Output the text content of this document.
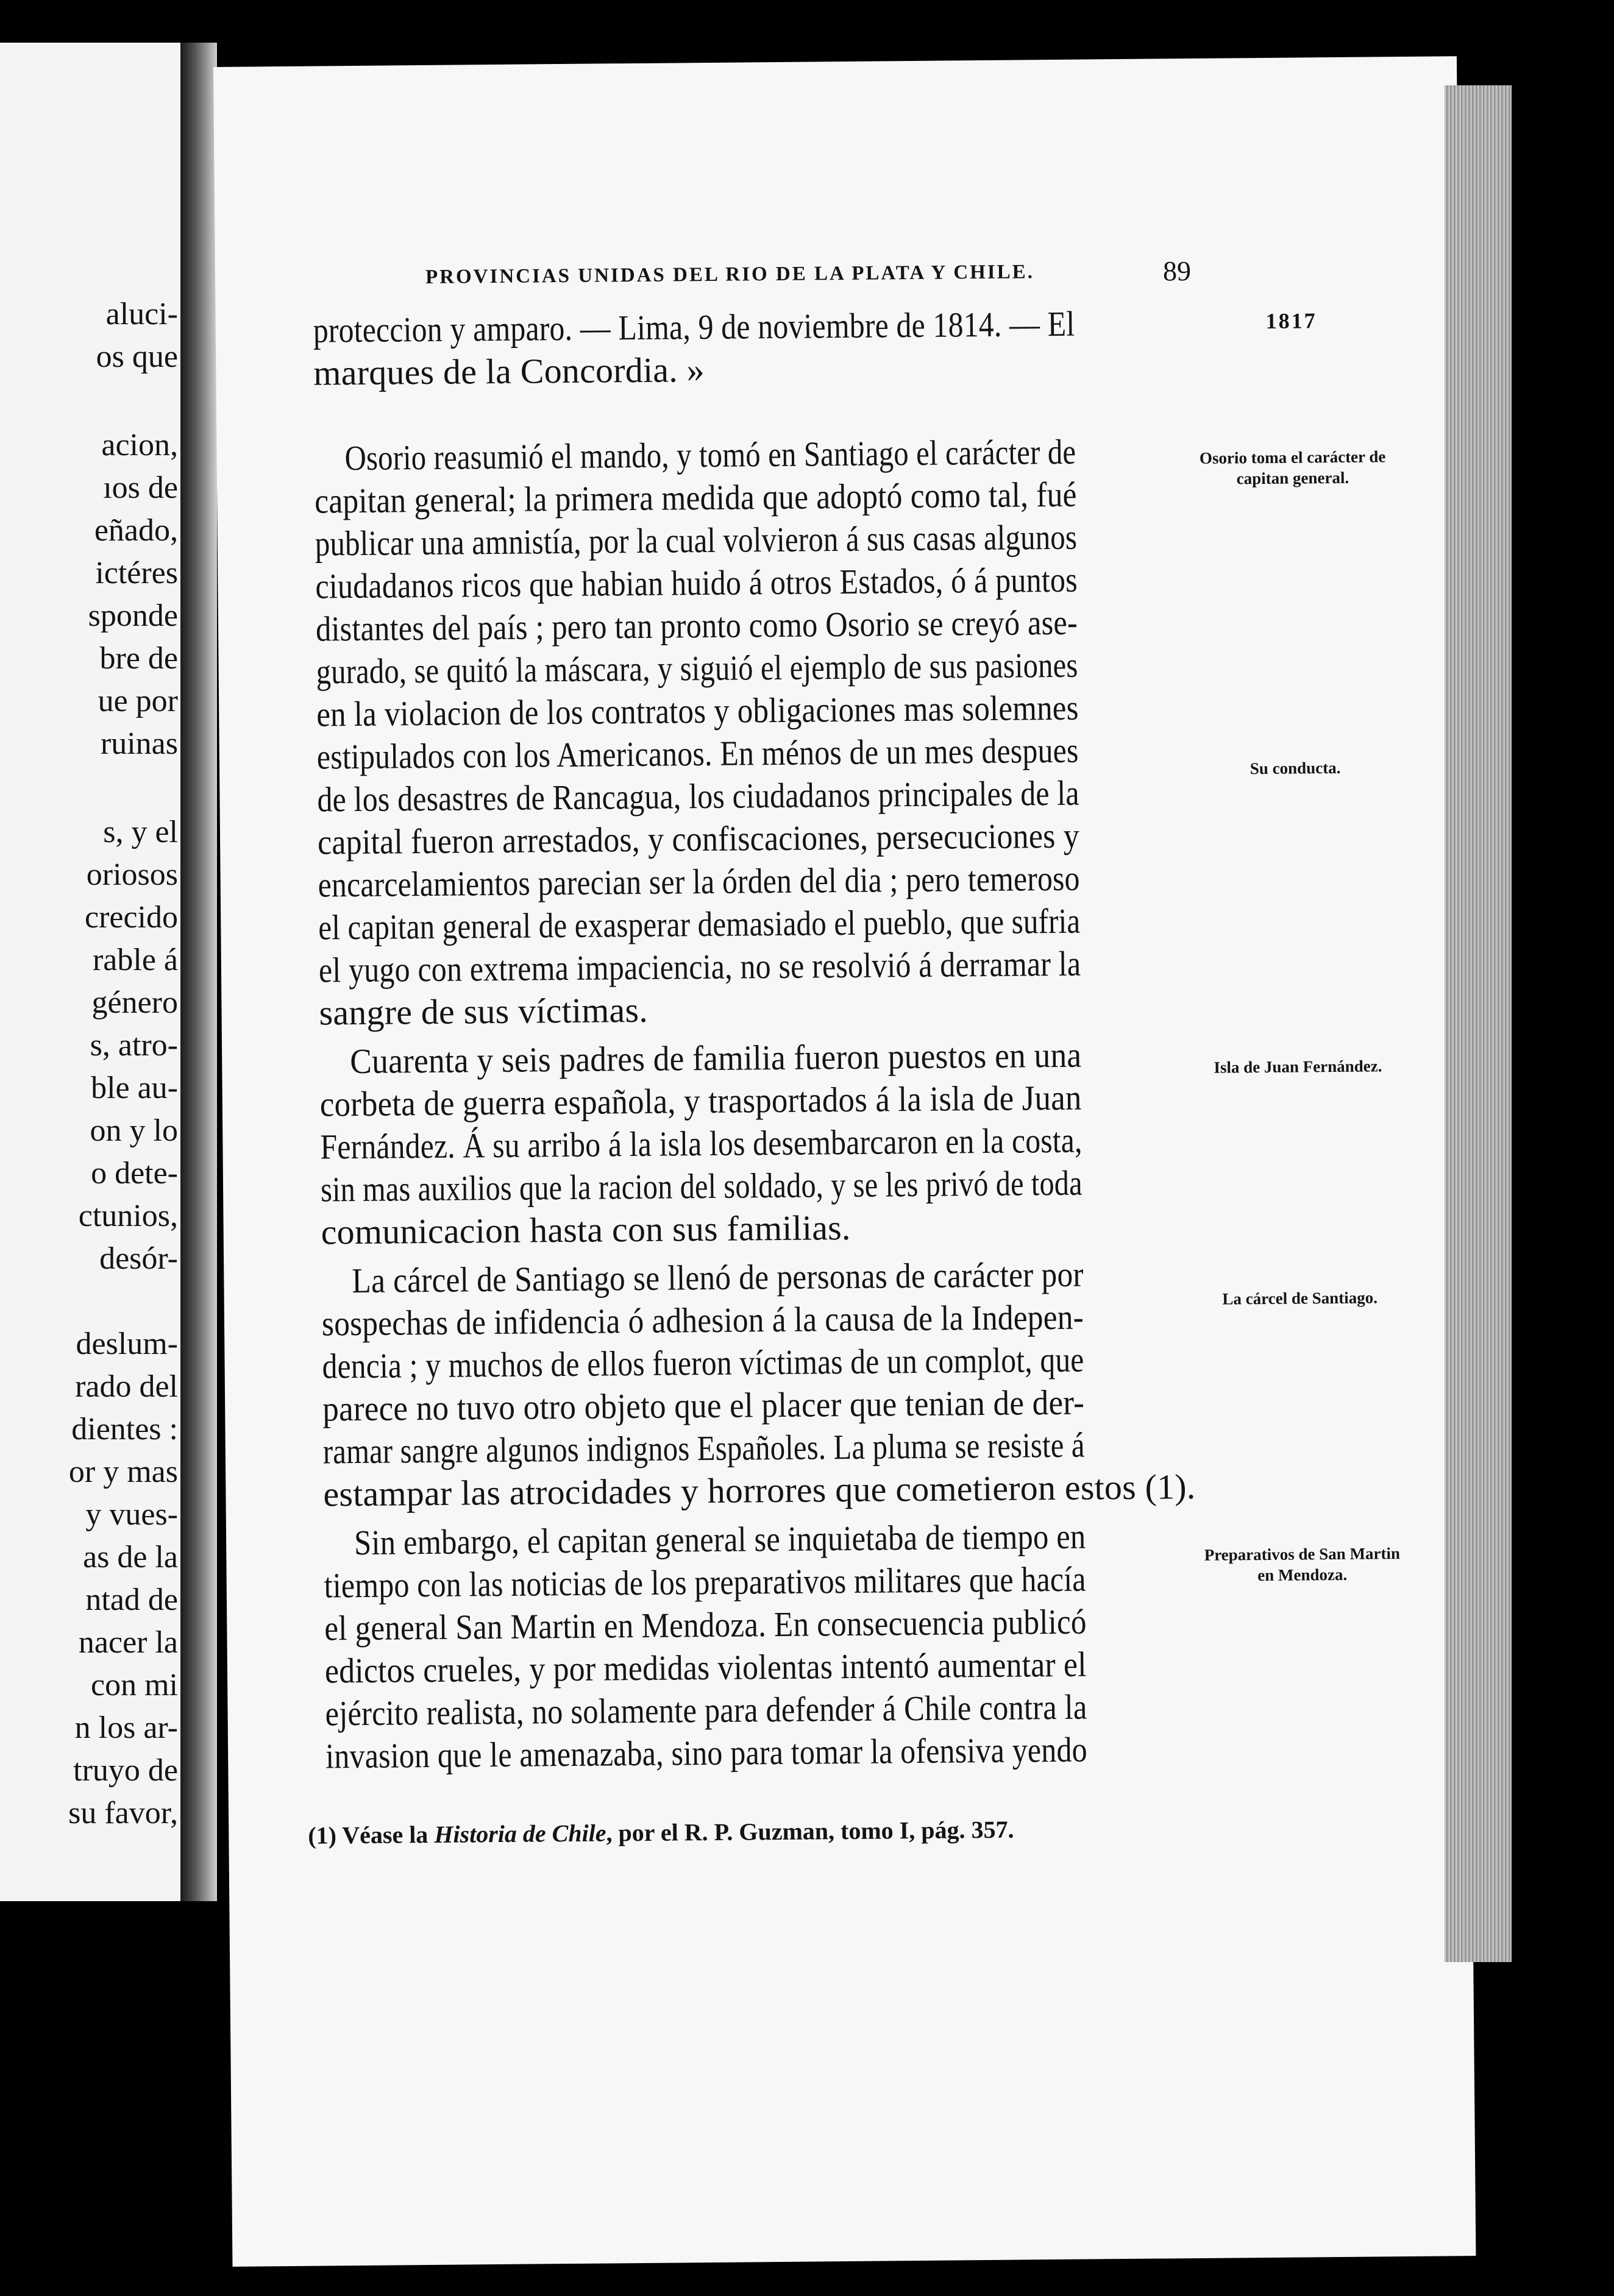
aluci-
os que
acion,
ıos de
eñado,
ictéres
sponde
bre de
ue por
ruinas
s, y el
oriosos
crecido
rable á
género
s, atro-
ble au-
on y lo
o dete-
ctunios,
desór-
deslum-
rado del
dientes :
or y mas
y vues-
as de la
ntad de
nacer la
con mi
n los ar-
truyo de
su favor,
PROVINCIAS UNIDAS DEL RIO DE LA PLATA Y CHILE.	89
proteccion y amparo. — Lima, 9 de noviembre de 1814. — El
marques de la Concordia. »
Osorio reasumió el mando, y tomó en Santiago el carácter de
capitan general; la primera medida que adoptó como tal, fué
publicar una amnistía, por la cual volvieron á sus casas algunos
ciudadanos ricos que habian huido á otros Estados, ó á puntos
distantes del país ; pero tan pronto como Osorio se creyó ase-
gurado, se quitó la máscara, y siguió el ejemplo de sus pasiones
en la violacion de los contratos y obligaciones mas solemnes
estipulados con los Americanos. En ménos de un mes despues
de los desastres de Rancagua, los ciudadanos principales de la
capital fueron arrestados, y confiscaciones, persecuciones y
encarcelamientos parecian ser la órden del dia ; pero temeroso
el capitan general de exasperar demasiado el pueblo, que sufria
el yugo con extrema impaciencia, no se resolvió á derramar la
sangre de sus víctimas.
Cuarenta y seis padres de familia fueron puestos en una
corbeta de guerra española, y trasportados á la isla de Juan
Fernández. Á su arribo á la isla los desembarcaron en la costa,
sin mas auxilios que la racion del soldado, y se les privó de toda
comunicacion hasta con sus familias.
La cárcel de Santiago se llenó de personas de carácter por
sospechas de infidencia ó adhesion á la causa de la Indepen-
dencia ; y muchos de ellos fueron víctimas de un complot, que
parece no tuvo otro objeto que el placer que tenian de der-
ramar sangre algunos indignos Españoles. La pluma se resiste á
estampar las atrocidades y horrores que cometieron estos (1).
Sin embargo, el capitan general se inquietaba de tiempo en
tiempo con las noticias de los preparativos militares que hacía
el general San Martin en Mendoza. En consecuencia publicó
edictos crueles, y por medidas violentas intentó aumentar el
ejército realista, no solamente para defender á Chile contra la
invasion que le amenazaba, sino para tomar la ofensiva yendo
1817
Osorio toma el carácter de capitan general.
Su conducta.
Isla de Juan Fernández.
La cárcel de Santiago.
Preparativos de San Martin en Mendoza.
(1) Véase la Historia de Chile, por el R. P. Guzman, tomo I, pág. 357.
